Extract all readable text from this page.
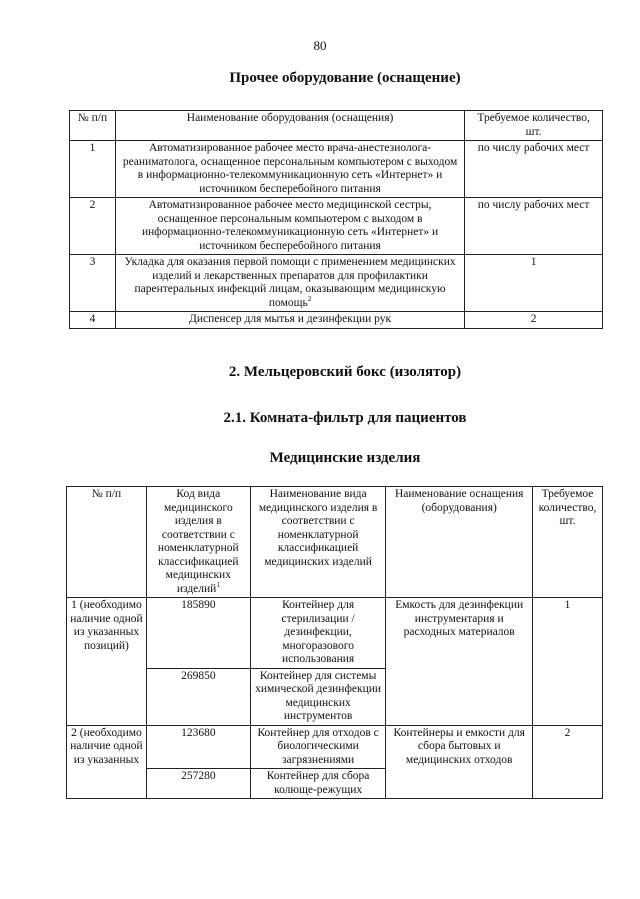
80
Прочее оборудование (оснащение)
№ п/п	Наименование оборудования (оснащения)	Требуемое количество, шт.
1	Автоматизированное рабочее место врача-анестезиолога-реаниматолога, оснащенное персональным компьютером с выходом в информационно-телекоммуникационную сеть «Интернет» и источником бесперебойного питания	по числу рабочих мест
2	Автоматизированное рабочее место медицинской сестры, оснащенное персональным компьютером с выходом в информационно-телекоммуникационную сеть «Интернет» и источником бесперебойного питания	по числу рабочих мест
3	Укладка для оказания первой помощи с применением медицинских изделий и лекарственных препаратов для профилактики парентеральных инфекций лицам, оказывающим медицинскую помощь$^2$	1
4	Диспенсер для мытья и дезинфекции рук	2
2. Мельцеровский бокс (изолятор)
2.1. Комната-фильтр для пациентов
Медицинские изделия
№ п/п	Код вида медицинского изделия в соответствии с номенклатурной классификацией медицинских изделий$^1$	Наименование вида медицинского изделия в соответствии с номенклатурной классификацией медицинских изделий	Наименование оснащения (оборудования)	Требуемое количество, шт.
1 (необходимо наличие одной из указанных позиций)	185890	Контейнер для стерилизации /дезинфекции, многоразового использования	Емкость для дезинфекции инструментария и расходных материалов	1
	269850	Контейнер для системы химической дезинфекции медицинских инструментов		
2 (необходимо наличие одной из указанных	123680	Контейнер для отходов с биологическими загрязнениями	Контейнеры и емкости для сбора бытовых и медицинских отходов	2
	257280	Контейнер для сбора колюще-режущих		
